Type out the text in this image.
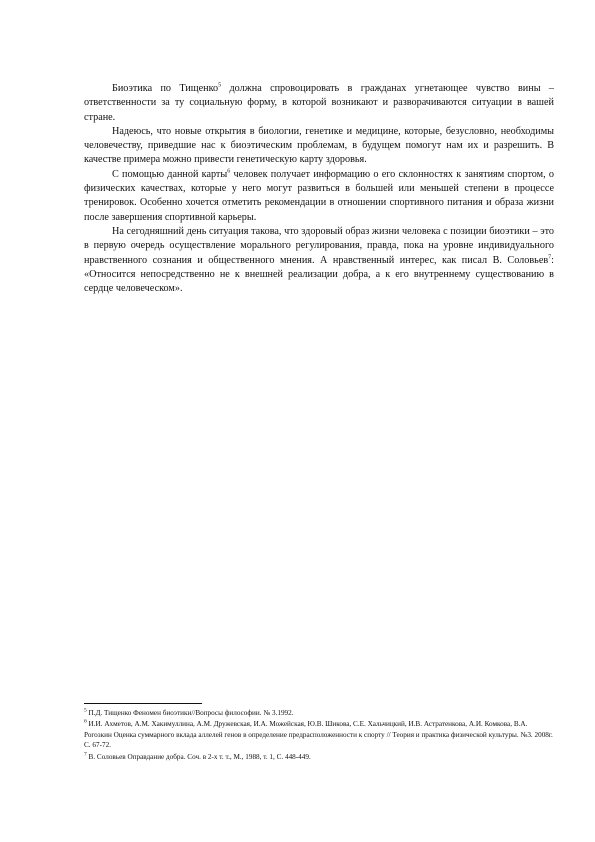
Биоэтика по Тищенко$^5$ должна спровоцировать в гражданах угнетающее чувство вины – ответственности за ту социальную форму, в которой возникают и разворачиваются ситуации в вашей стране.

Надеюсь, что новые открытия в биологии, генетике и медицине, которые, безусловно, необходимы человечеству, приведшие нас к биоэтическим проблемам, в будущем помогут нам их и разрешить. В качестве примера можно привести генетическую карту здоровья.

С помощью данной карты$^6$ человек получает информацию о его склонностях к занятиям спортом, о физических качествах, которые у него могут развиться в большей или меньшей степени в процессе тренировок. Особенно хочется отметить рекомендации в отношении спортивного питания и образа жизни после завершения спортивной карьеры.

На сегодняшний день ситуация такова, что здоровый образ жизни человека с позиции биоэтики – это в первую очередь осуществление морального регулирования, правда, пока на уровне индивидуального нравственного сознания и общественного мнения. А нравственный интерес, как писал В. Соловьев$^7$: «Относится непосредственно не к внешней реализации добра, а к его внутреннему существованию в сердце человеческом».

$^5$ П.Д. Тищенко Феномен биоэтики//Вопросы философии. № 3.1992.

$^6$ И.И. Ахметов, А.М. Хакимуллина, А.М. Дружевская, И.А. Можейская, Ю.В. Шикова, С.Е. Хальчицкий, И.В. Астратенкова, А.И. Комкова, В.А. Рогозкин Оценка суммарного вклада аллелей генов в определение предрасположенности к спорту // Теория и практика физической культуры. №3. 2008г. С. 67-72.

$^7$ В. Соловьев Оправдание добра. Соч. в 2-х т. т., М., 1988, т. 1, С. 448-449.
